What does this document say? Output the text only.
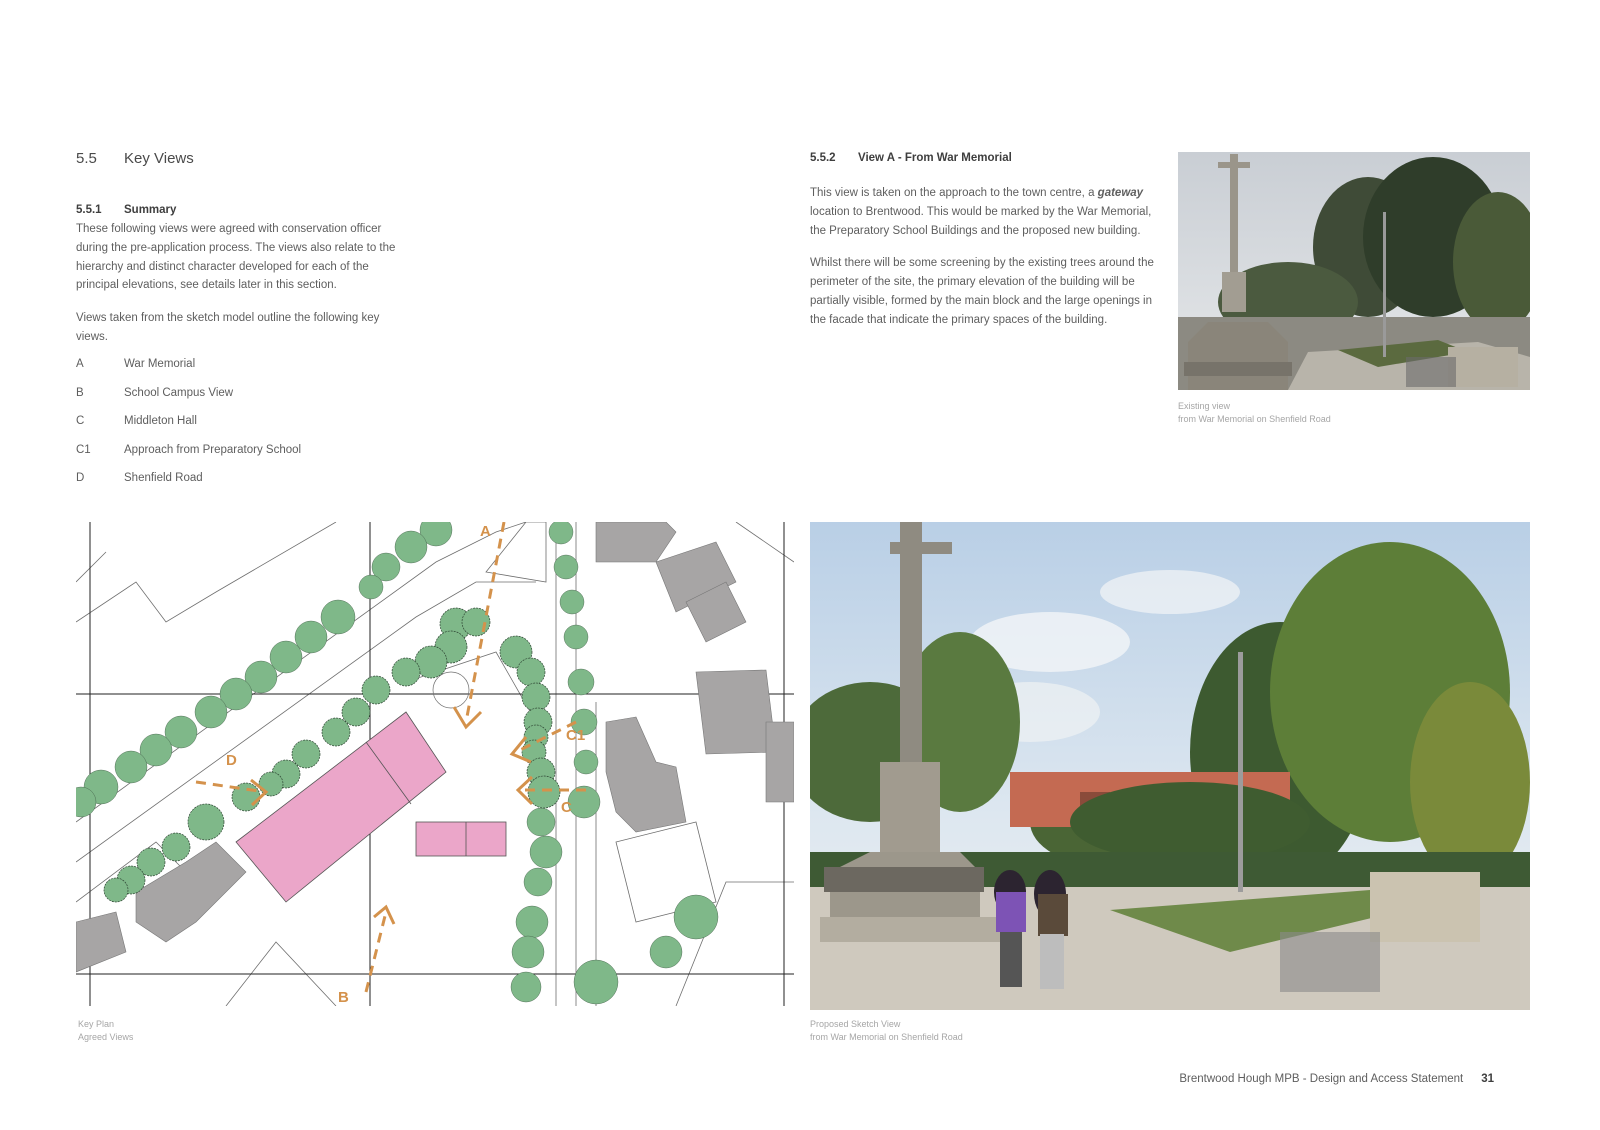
5.5 Key Views
5.5.1 Summary

These following views were agreed with conservation officer during the pre-application process. The views also relate to the hierarchy and distinct character developed for each of the principal elevations, see details later in this section.

Views taken from the sketch model outline the following key views.

A	War Memorial
B	School Campus View
C	Middleton Hall
C1	Approach from Preparatory School
D	Shenfield Road
5.5.2 View A - From War Memorial

This view is taken on the approach to the town centre, a gateway location to Brentwood. This would be marked by the War Memorial, the Preparatory School Buildings and the proposed new building.

Whilst there will be some screening by the existing trees around the perimeter of the site, the primary elevation of the building will be partially visible, formed by the main block and the large openings in the facade that indicate the primary spaces of the building.

Existing view
from War Memorial on Shenfield Road
A
B
D
C1
C
Key Plan
Agreed Views
Proposed Sketch View
from War Memorial on Shenfield Road
Brentwood Hough MPB - Design and Access Statement 31
